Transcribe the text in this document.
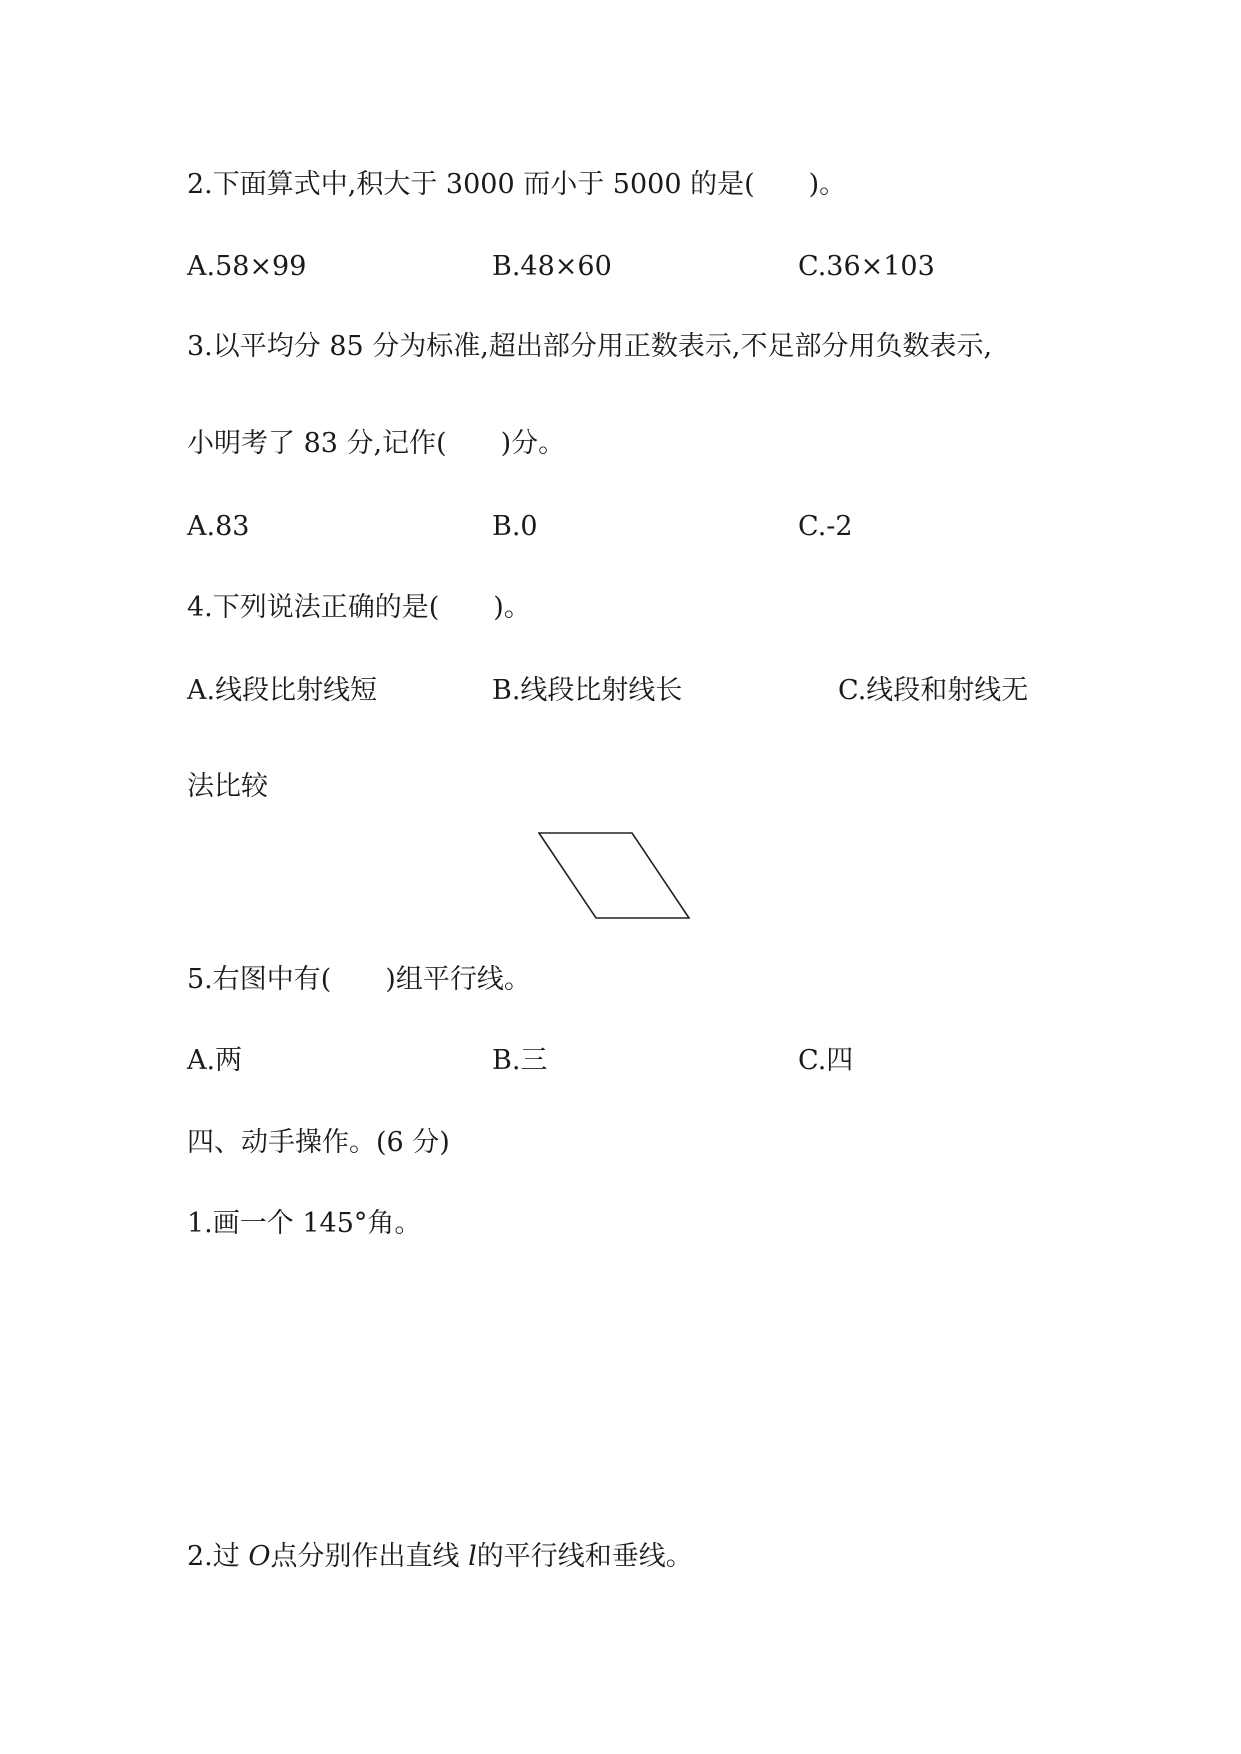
2.下面算式中,积大于 3000 而小于 5000 的是(　　)。
A.58×99	B.48×60	C.36×103
3.以平均分 85 分为标准,超出部分用正数表示,不足部分用负数表示,
小明考了 83 分,记作(　　)分。
A.83	B.0	C.-2
4.下列说法正确的是(　　)。
A.线段比射线短	B.线段比射线长	C.线段和射线无
法比较
5.右图中有(　　)组平行线。
A.两	B.三	C.四
四、动手操作。(6 分)
1.画一个 145°角。
2.过 O点分别作出直线 l的平行线和垂线。
